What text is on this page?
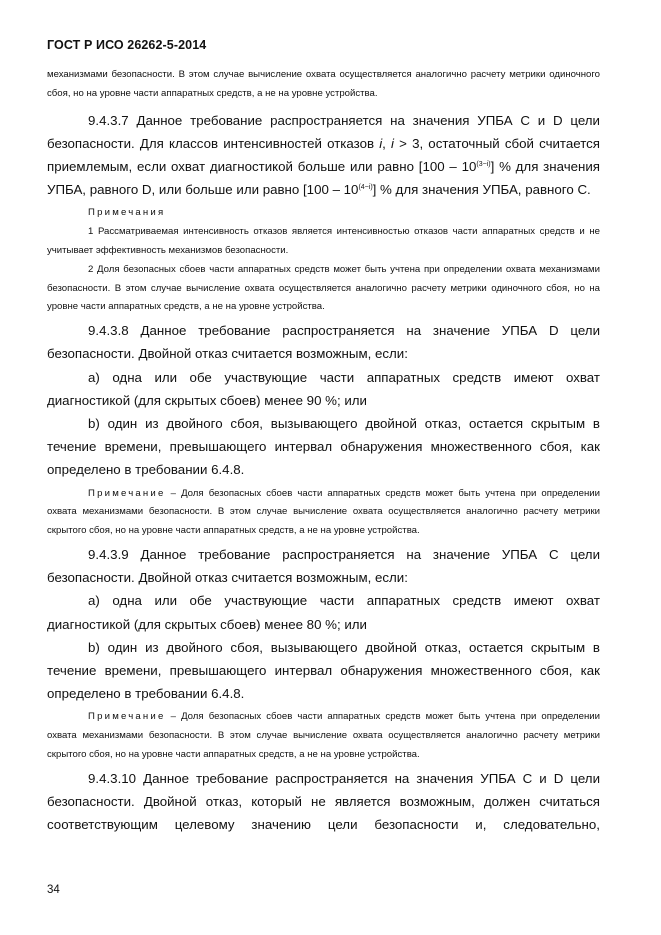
ГОСТ Р ИСО 26262-5-2014

механизмами безопасности. В этом случае вычисление охвата осуществляется аналогично расчету метрики одиночного сбоя, но на уровне части аппаратных средств, а не на уровне устройства.

9.4.3.7 Данное требование распространяется на значения УПБА С и D цели безопасности. Для классов интенсивностей отказов i, i > 3, остаточный сбой считается приемлемым, если охват диагностикой больше или равно $[100 - 10^{(3-i)}]$ % для значения УПБА, равного D, или больше или равно $[100 - 10^{(4-i)}]$ % для значения УПБА, равного С.

Примечания

1 Рассматриваемая интенсивность отказов является интенсивностью отказов части аппаратных средств и не учитывает эффективность механизмов безопасности.

2 Доля безопасных сбоев части аппаратных средств может быть учтена при определении охвата механизмами безопасности. В этом случае вычисление охвата осуществляется аналогично расчету метрики одиночного сбоя, но на уровне части аппаратных средств, а не на уровне устройства.

9.4.3.8 Данное требование распространяется на значение УПБА D цели безопасности. Двойной отказ считается возможным, если:

a) одна или обе участвующие части аппаратных средств имеют охват диагностикой (для скрытых сбоев) менее 90 %; или

b) один из двойного сбоя, вызывающего двойной отказ, остается скрытым в течение времени, превышающего интервал обнаружения множественного сбоя, как определено в требовании 6.4.8.

Примечание – Доля безопасных сбоев части аппаратных средств может быть учтена при определении охвата механизмами безопасности. В этом случае вычисление охвата осуществляется аналогично расчету метрики скрытого сбоя, но на уровне части аппаратных средств, а не на уровне устройства.

9.4.3.9 Данное требование распространяется на значение УПБА С цели безопасности. Двойной отказ считается возможным, если:

a) одна или обе участвующие части аппаратных средств имеют охват диагностикой (для скрытых сбоев) менее 80 %; или

b) один из двойного сбоя, вызывающего двойной отказ, остается скрытым в течение времени, превышающего интервал обнаружения множественного сбоя, как определено в требовании 6.4.8.

Примечание – Доля безопасных сбоев части аппаратных средств может быть учтена при определении охвата механизмами безопасности. В этом случае вычисление охвата осуществляется аналогично расчету метрики скрытого сбоя, но на уровне части аппаратных средств, а не на уровне устройства.

9.4.3.10 Данное требование распространяется на значения УПБА С и D цели безопасности. Двойной отказ, который не является возможным, должен считаться соответствующим целевому значению цели безопасности и, следовательно,

34
